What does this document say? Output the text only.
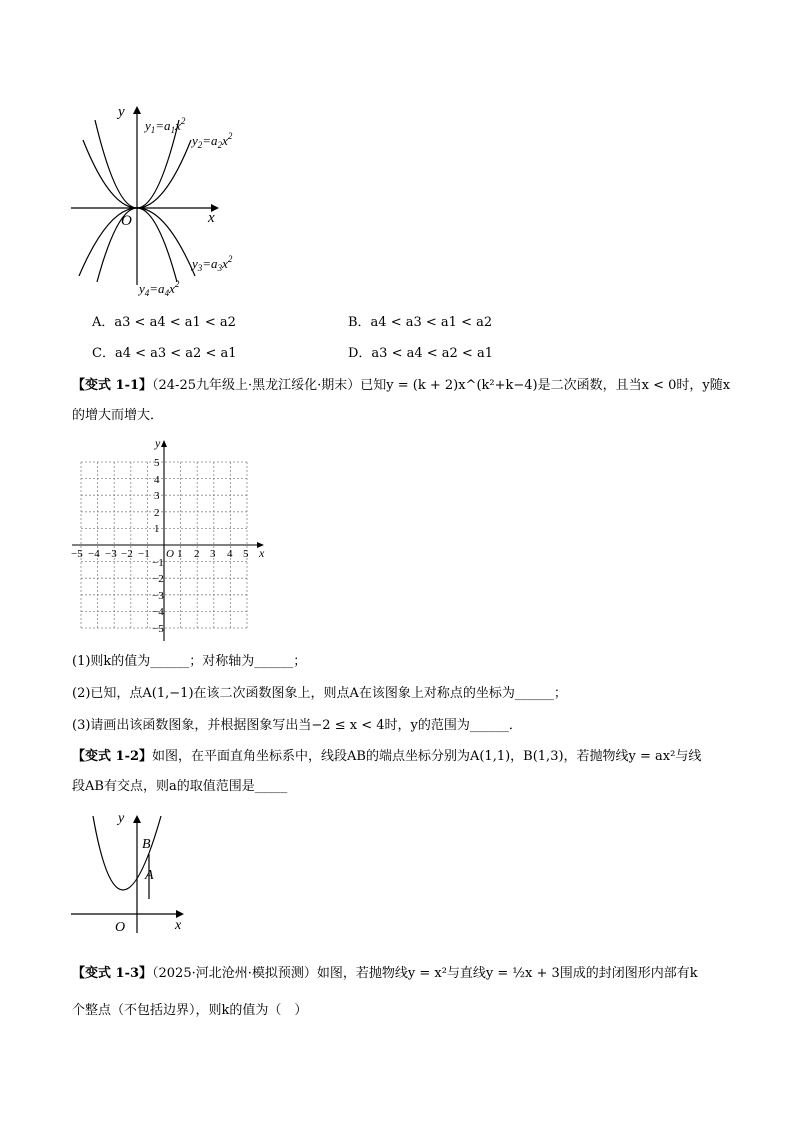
y
x
O
$y_1=a_1x^2$
$y_2=a_2x^2$
$y_3=a_3x^2$
$y_4=a_4x^2$
A．a3 < a4 < a1 < a2	B．a4 < a3 < a1 < a2
C．a4 < a3 < a2 < a1	D．a3 < a4 < a2 < a1
【变式 1-1】（24-25九年级上·黑龙江绥化·期末）已知y = (k + 2)x^(k²+k−4)是二次函数，且当x < 0时，y随x
的增大而增大．
y
x
O
−5 −4 −3 −2 −1 1 2 3 4 5
5
4
3
2
1
−1
−2
−3
−4
−5
(1)则k的值为______；对称轴为______；
(2)已知，点A(1,−1)在该二次函数图象上，则点A在该图象上对称点的坐标为______；
(3)请画出该函数图象，并根据图象写出当−2 ≤ x < 4时，y的范围为______．
【变式 1-2】如图，在平面直角坐标系中，线段AB的端点坐标分别为A(1,1)，B(1,3)，若抛物线y = ax²与线
段AB有交点，则a的取值范围是_____
y
x
O
B
A
【变式 1-3】（2025·河北沧州·模拟预测）如图，若抛物线y = x²与直线y = ½x + 3围成的封闭图形内部有k
个整点（不包括边界），则k的值为（　）
